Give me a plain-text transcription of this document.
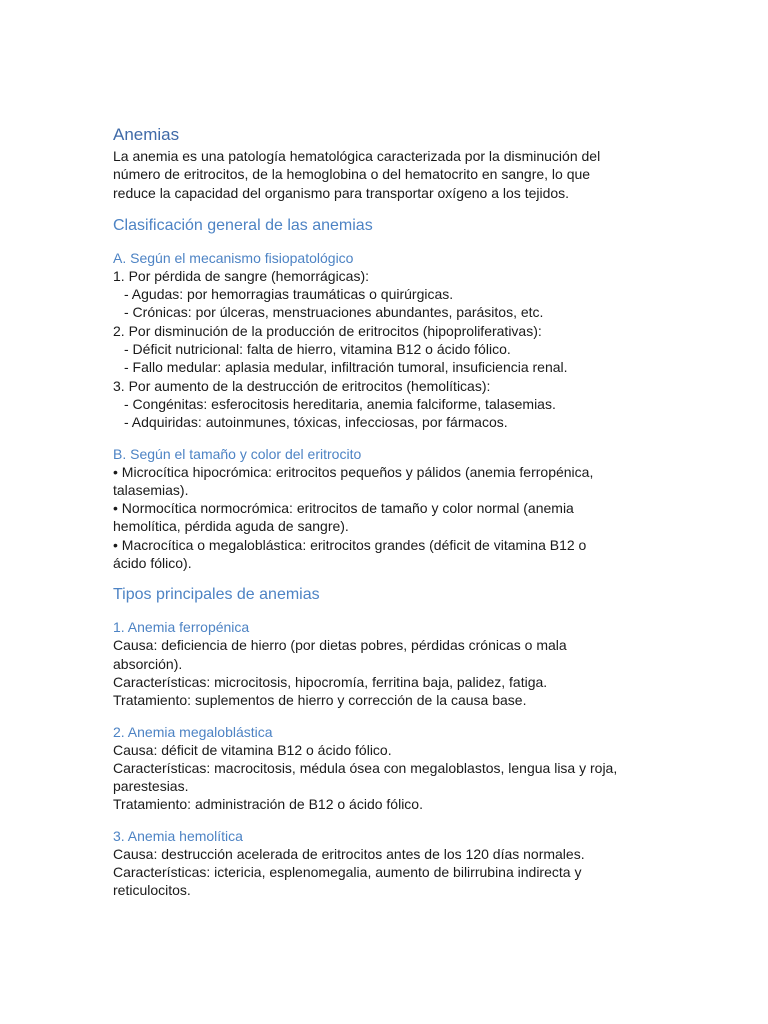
Anemias

La anemia es una patología hematológica caracterizada por la disminución del

número de eritrocitos, de la hemoglobina o del hematocrito en sangre, lo que

reduce la capacidad del organismo para transportar oxígeno a los tejidos.

Clasificación general de las anemias
A. Según el mecanismo fisiopatológico

1. Por pérdida de sangre (hemorrágicas):

- Agudas: por hemorragias traumáticas o quirúrgicas.

- Crónicas: por úlceras, menstruaciones abundantes, parásitos, etc.

2. Por disminución de la producción de eritrocitos (hipoproliferativas):

- Déficit nutricional: falta de hierro, vitamina B12 o ácido fólico.

- Fallo medular: aplasia medular, infiltración tumoral, insuficiencia renal.

3. Por aumento de la destrucción de eritrocitos (hemolíticas):

- Congénitas: esferocitosis hereditaria, anemia falciforme, talasemias.

- Adquiridas: autoinmunes, tóxicas, infecciosas, por fármacos.

B. Según el tamaño y color del eritrocito

• Microcítica hipocrómica: eritrocitos pequeños y pálidos (anemia ferropénica,

talasemias).

• Normocítica normocrómica: eritrocitos de tamaño y color normal (anemia

hemolítica, pérdida aguda de sangre).

• Macrocítica o megaloblástica: eritrocitos grandes (déficit de vitamina B12 o

ácido fólico).

Tipos principales de anemias
1. Anemia ferropénica

Causa: deficiencia de hierro (por dietas pobres, pérdidas crónicas o mala

absorción).

Características: microcitosis, hipocromía, ferritina baja, palidez, fatiga.

Tratamiento: suplementos de hierro y corrección de la causa base.

2. Anemia megaloblástica

Causa: déficit de vitamina B12 o ácido fólico.

Características: macrocitosis, médula ósea con megaloblastos, lengua lisa y roja,

parestesias.

Tratamiento: administración de B12 o ácido fólico.

3. Anemia hemolítica

Causa: destrucción acelerada de eritrocitos antes de los 120 días normales.

Características: ictericia, esplenomegalia, aumento de bilirrubina indirecta y

reticulocitos.
